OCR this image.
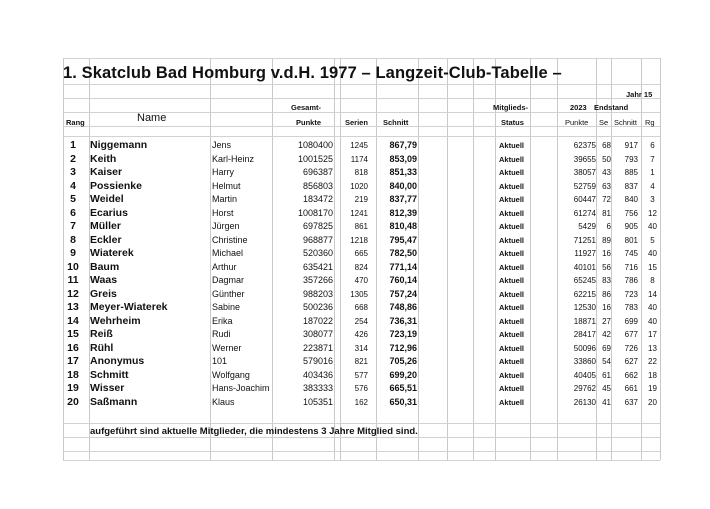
1. Skatclub Bad Homburg v.d.H. 1977 – Langzeit-Club-Tabelle –
Jahr 15
Gesamt-	Mitglieds-	2023 Endstand
Rang	Name	Punkte	Serien Schnitt	Status	Punkte Se Schnitt Rg
1	Niggemann	Jens	1080400	1245	867,79	Aktuell	62375 68	917	6
2	Keith	Karl-Heinz	1001525	1174	853,09	Aktuell	39655 50	793	7
3	Kaiser	Harry	696387	818	851,33	Aktuell	38057 43	885	1
4	Possienke	Helmut	856803	1020	840,00	Aktuell	52759 63	837	4
5	Weidel	Martin	183472	219	837,77	Aktuell	60447 72	840	3
6	Ecarius	Horst	1008170	1241	812,39	Aktuell	61274 81	756	12
7	Müller	Jürgen	697825	861	810,48	Aktuell	5429	6	905	40
8	Eckler	Christine	968877	1218	795,47	Aktuell	71251 89	801	5
9	Wiaterek	Michael	520360	665	782,50	Aktuell	11927 16	745	40
10	Baum	Arthur	635421	824	771,14	Aktuell	40101 56	716	15
11	Waas	Dagmar	357266	470	760,14	Aktuell	65245 83	786	8
12	Greis	Günther	988203	1305	757,24	Aktuell	62215 86	723	14
13	Meyer-Wiaterek	Sabine	500236	668	748,86	Aktuell	12530 16	783	40
14	Wehrheim	Erika	187022	254	736,31	Aktuell	18871 27	699	40
15	Reiß	Rudi	308077	426	723,19	Aktuell	28417 42	677	17
16	Rühl	Werner	223871	314	712,96	Aktuell	50096 69	726	13
17	Anonymus	101	579016	821	705,26	Aktuell	33860 54	627	22
18	Schmitt	Wolfgang	403436	577	699,20	Aktuell	40405 61	662	18
19	Wisser	Hans-Joachim	383333	576	665,51	Aktuell	29762 45	661	19
20	Saßmann	Klaus	105351	162	650,31	Aktuell	26130 41	637	20
aufgeführt sind aktuelle Mitglieder, die mindestens 3 Jahre Mitglied sind.
